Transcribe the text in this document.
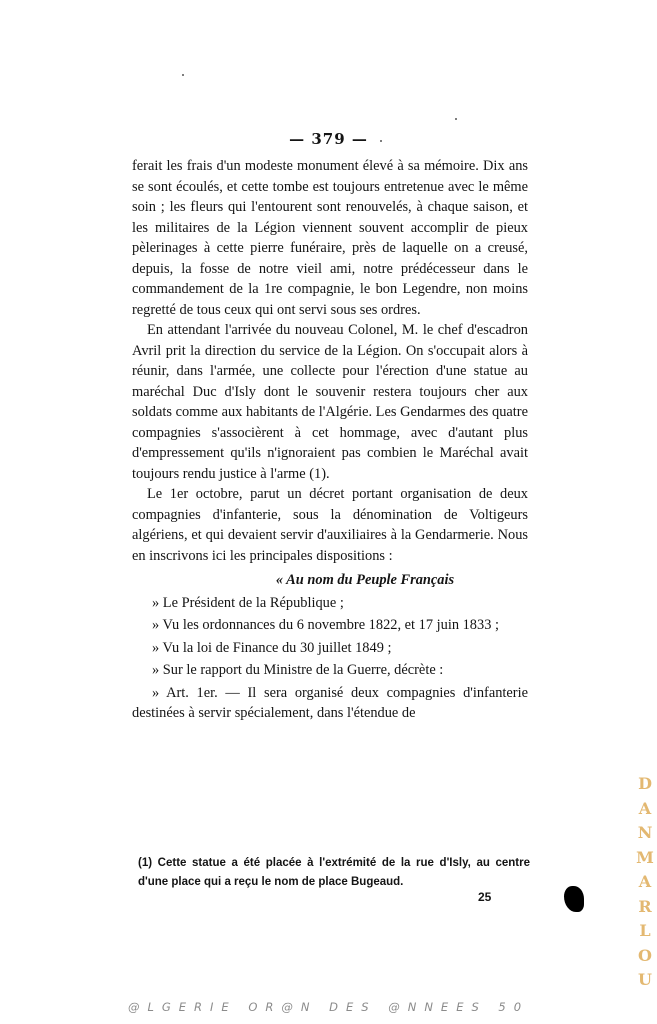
— 379 —

ferait les frais d'un modeste monument élevé à sa mémoire. Dix ans se sont écoulés, et cette tombe est toujours entretenue avec le même soin ; les fleurs qui l'entourent sont renouvelés, à chaque saison, et les militaires de la Légion viennent souvent accomplir de pieux pèlerinages à cette pierre funéraire, près de laquelle on a creusé, depuis, la fosse de notre vieil ami, notre prédécesseur dans le commandement de la 1re compagnie, le bon Legendre, non moins regretté de tous ceux qui ont servi sous ses ordres.

En attendant l'arrivée du nouveau Colonel, M. le chef d'escadron Avril prit la direction du service de la Légion. On s'occupait alors à réunir, dans l'armée, une collecte pour l'érection d'une statue au maréchal Duc d'Isly dont le souvenir restera toujours cher aux soldats comme aux habitants de l'Algérie. Les Gendarmes des quatre compagnies s'associèrent à cet hommage, avec d'autant plus d'empressement qu'ils n'ignoraient pas combien le Maréchal avait toujours rendu justice à l'arme (1).

Le 1er octobre, parut un décret portant organisation de deux compagnies d'infanterie, sous la dénomination de Voltigeurs algériens, et qui devaient servir d'auxiliaires à la Gendarmerie. Nous en inscrivons ici les principales dispositions :

« Au nom du Peuple Français

» Le Président de la République ;

» Vu les ordonnances du 6 novembre 1822, et 17 juin 1833 ;

» Vu la loi de Finance du 30 juillet 1849 ;

» Sur le rapport du Ministre de la Guerre, décrète :

» Art. 1er. — Il sera organisé deux compagnies d'infanterie destinées à servir spécialement, dans l'étendue de

(1) Cette statue a été placée à l'extrémité de la rue d'Isly, au centre d'une place qui a reçu le nom de place Bugeaud.
25
D
A
N
M
A
R
L
O
U
@LGERIE OR@N DES @NNEES 50
